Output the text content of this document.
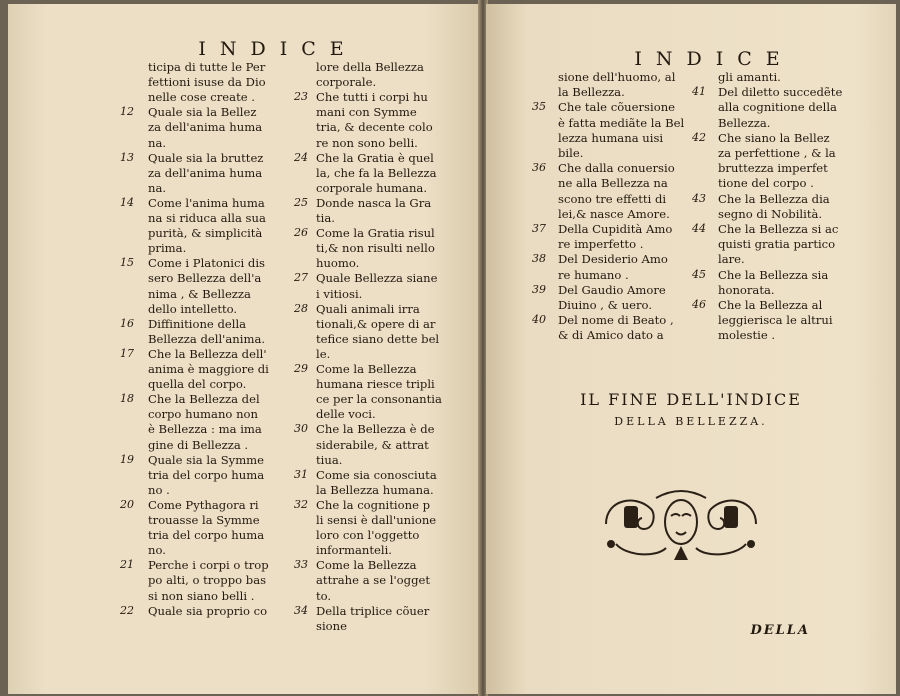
INDICE
ticipa di tutte le Per
fettioni isuse da Dio
nelle cose create .
12 Quale sia la Bellez
za dell'anima huma
na.
13 Quale sia la bruttez
za dell'anima huma
na.
14 Come l'anima huma
na si riduca alla sua
purità, & simplicità
prima.
15 Come i Platonici dis
sero Bellezza dell'a
nima , & Bellezza
dello intelletto.
16 Diffinitione della
Bellezza dell'anima.
17 Che la Bellezza dell'
anima è maggiore di
quella del corpo.
18 Che la Bellezza del
corpo humano non
è Bellezza : ma ima
gine di Bellezza .
19 Quale sia la Symme
tria del corpo huma
no .
20 Come Pythagora ri
trouasse la Symme
tria del corpo huma
no.
21 Perche i corpi o trop
po alti, o troppo bas
si non siano belli .
22 Quale sia proprio co
lore della Bellezza
corporale.
23 Che tutti i corpi hu
mani con Symme
tria, & decente colo
re non sono belli.
24 Che la Gratia è quel
la, che fa la Bellezza
corporale humana.
25 Donde nasca la Gra
tia.
26 Come la Gratia risul
ti,& non risulti nello
huomo.
27 Quale Bellezza siane
i vitiosi.
28 Quali animali irra
tionali,& opere di ar
tefice siano dette bel
le.
29 Come la Bellezza
humana riesce tripli
ce per la consonantia
delle voci.
30 Che la Bellezza è de
siderabile, & attrat
tiua.
31 Come sia conosciuta
la Bellezza humana.
32 Che la cognitione p
li sensi è dall'unione
loro con l'oggetto
informanteli.
33 Come la Bellezza
attrahe a se l'ogget
to.
34 Della triplice cõuer
sione
INDICE
IL FINE DELL'INDICE
DELLA BELLEZZA.
DELLA
sione dell'huomo, al
la Bellezza.
35 Che tale cõuersione
è fatta mediãte la Bel
lezza humana uisi
bile.
36 Che dalla conuersio
ne alla Bellezza na
scono tre effetti di
lei,& nasce Amore.
37 Della Cupidità Amo
re imperfetto .
38 Del Desiderio Amo
re humano .
39 Del Gaudio Amore
Diuino , & uero.
40 Del nome di Beato ,
& di Amico dato a
gli amanti.
41 Del diletto succedẽte
alla cognitione della
Bellezza.
42 Che siano la Bellez
za perfettione , & la
bruttezza imperfet
tione del corpo .
43 Che la Bellezza dia
segno di Nobilità.
44 Che la Bellezza si ac
quisti gratia partico
lare.
45 Che la Bellezza sia
honorata.
46 Che la Bellezza al
leggierisca le altrui
molestie .
